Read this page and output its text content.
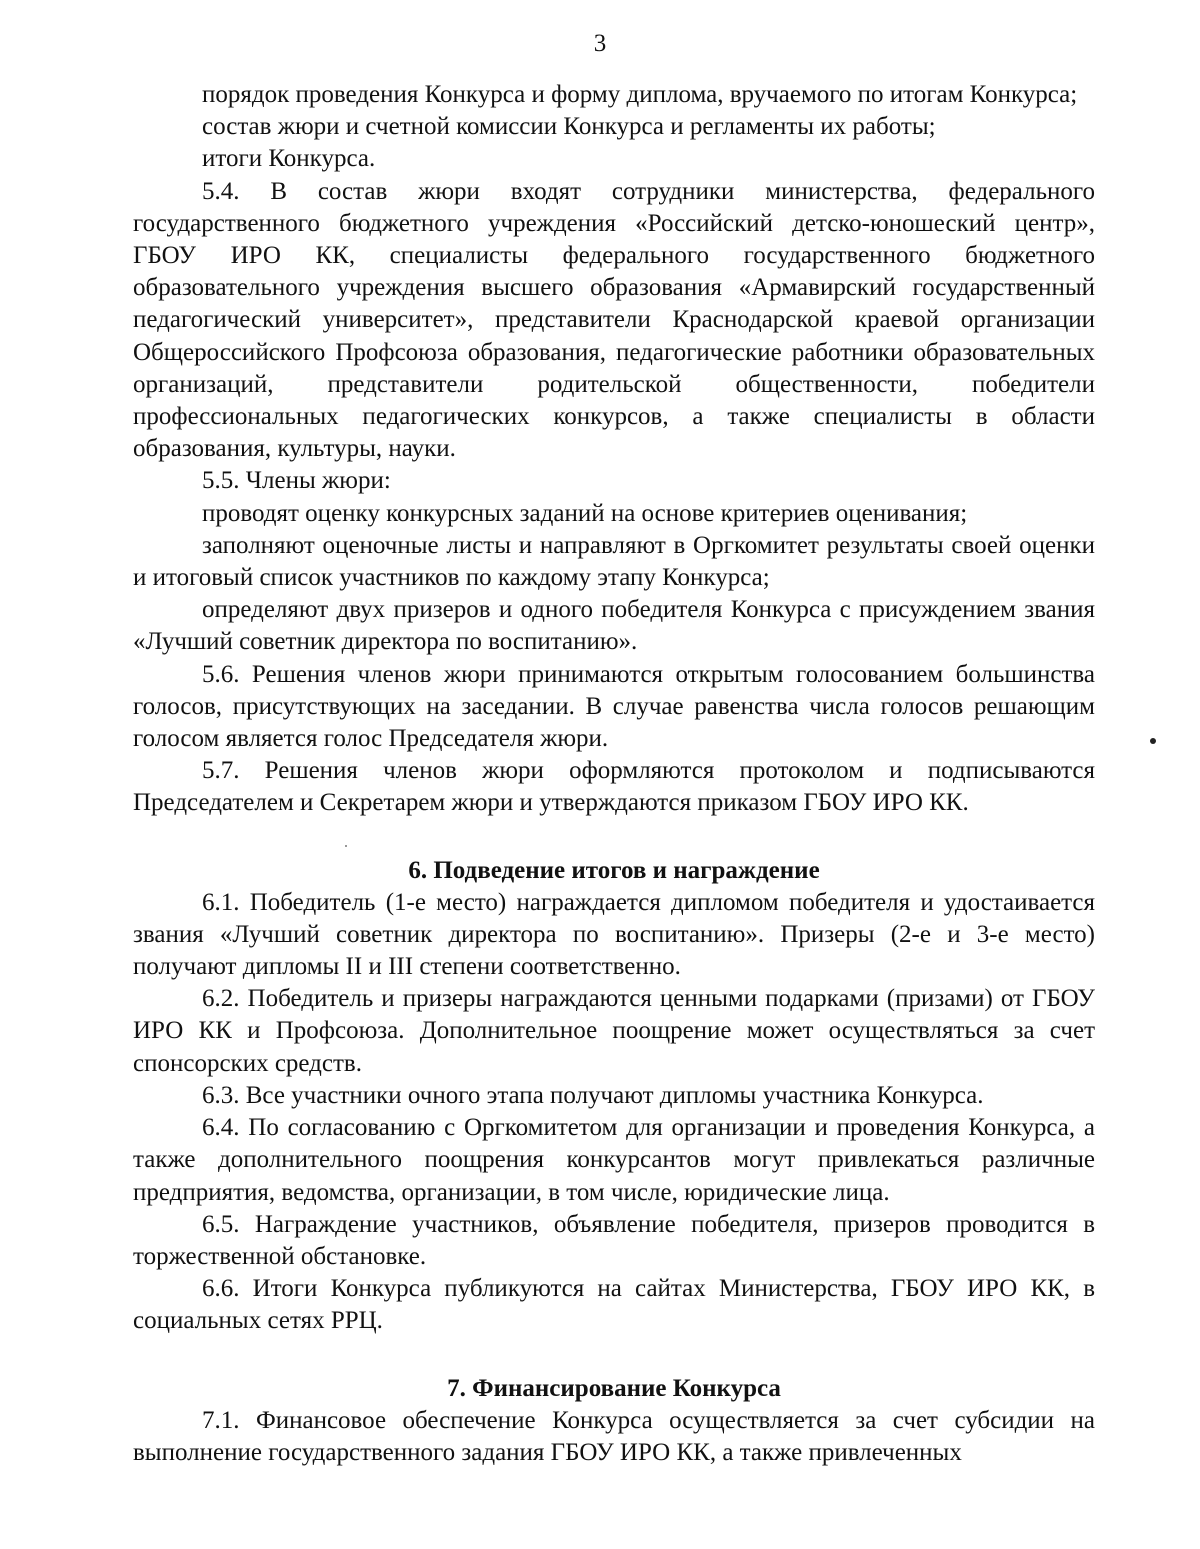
3

порядок проведения Конкурса и форму диплома, вручаемого по итогам Конкурса;

состав жюри и счетной комиссии Конкурса и регламенты их работы;

итоги Конкурса.

5.4. В состав жюри входят сотрудники министерства, федерального государственного бюджетного учреждения «Российский детско-юношеский центр», ГБОУ ИРО КК, специалисты федерального государственного бюджетного образовательного учреждения высшего образования «Армавирский государственный педагогический университет», представители Краснодарской краевой организации Общероссийского Профсоюза образования, педагогические работники образовательных организаций, представители родительской общественности, победители профессиональных педагогических конкурсов, а также специалисты в области образования, культуры, науки.

5.5. Члены жюри:

проводят оценку конкурсных заданий на основе критериев оценивания;

заполняют оценочные листы и направляют в Оргкомитет результаты своей оценки и итоговый список участников по каждому этапу Конкурса;

определяют двух призеров и одного победителя Конкурса с присуждением звания «Лучший советник директора по воспитанию».

5.6. Решения членов жюри принимаются открытым голосованием большинства голосов, присутствующих на заседании. В случае равенства числа голосов решающим голосом является голос Председателя жюри.

5.7. Решения членов жюри оформляются протоколом и подписываются Председателем и Секретарем жюри и утверждаются приказом ГБОУ ИРО КК.

6. Подведение итогов и награждение

6.1. Победитель (1-е место) награждается дипломом победителя и удостаивается звания «Лучший советник директора по воспитанию». Призеры (2-е и 3-е место) получают дипломы II и III степени соответственно.

6.2. Победитель и призеры награждаются ценными подарками (призами) от ГБОУ ИРО КК и Профсоюза. Дополнительное поощрение может осуществляться за счет спонсорских средств.

6.3. Все участники очного этапа получают дипломы участника Конкурса.

6.4. По согласованию с Оргкомитетом для организации и проведения Конкурса, а также дополнительного поощрения конкурсантов могут привлекаться различные предприятия, ведомства, организации, в том числе, юридические лица.

6.5. Награждение участников, объявление победителя, призеров проводится в торжественной обстановке.

6.6. Итоги Конкурса публикуются на сайтах Министерства, ГБОУ ИРО КК, в социальных сетях РРЦ.

7. Финансирование Конкурса

7.1. Финансовое обеспечение Конкурса осуществляется за счет субсидии на выполнение государственного задания ГБОУ ИРО КК, а также привлеченных
